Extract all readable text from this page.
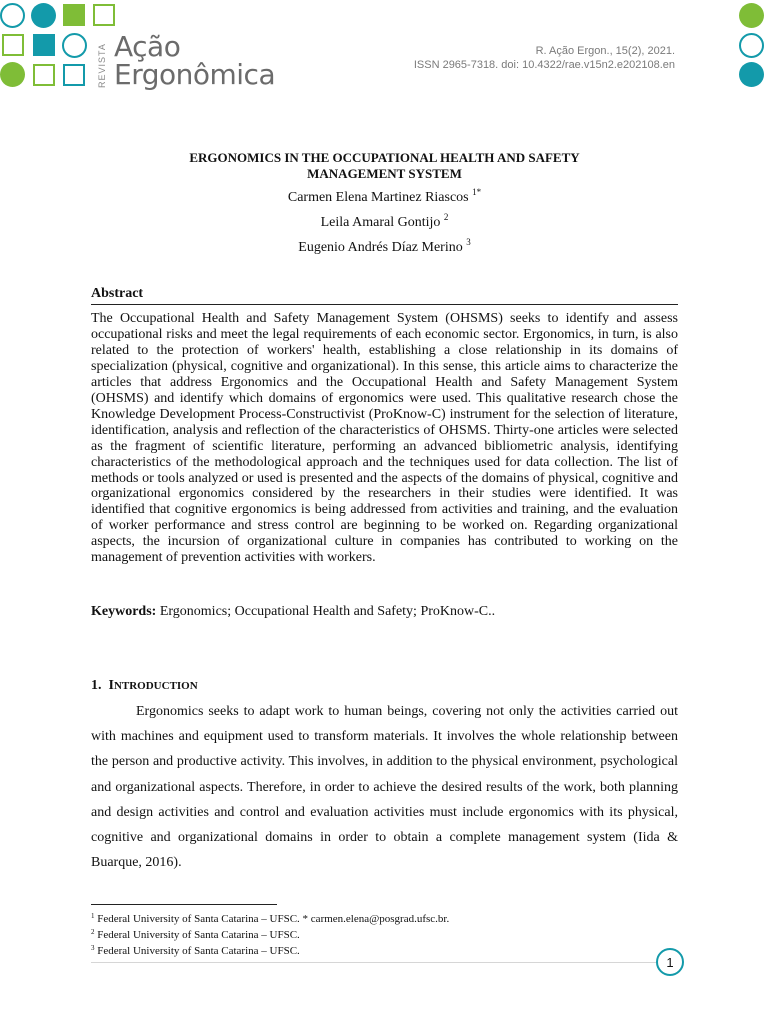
REVISTA Ação
Ergonômica
R. Ação Ergon., 15(2), 2021.
ISSN 2965-7318. doi: 10.4322/rae.v15n2.e202108.en
ERGONOMICS IN THE OCCUPATIONAL HEALTH AND SAFETY
MANAGEMENT SYSTEM
Carmen Elena Martinez Riascos $^{1*}$
Leila Amaral Gontijo $^2$
Eugenio Andrés Díaz Merino $^3$
Abstract
The Occupational Health and Safety Management System (OHSMS) seeks to identify and assess occupational risks and meet the legal requirements of each economic sector. Ergonomics, in turn, is also related to the protection of workers' health, establishing a close relationship in its domains of specialization (physical, cognitive and organizational). In this sense, this article aims to characterize the articles that address Ergonomics and the Occupational Health and Safety Management System (OHSMS) and identify which domains of ergonomics were used. This qualitative research chose the Knowledge Development Process-Constructivist (ProKnow-C) instrument for the selection of literature, identification, analysis and reflection of the characteristics of OHSMS. Thirty-one articles were selected as the fragment of scientific literature, performing an advanced bibliometric analysis, identifying characteristics of the methodological approach and the techniques used for data collection. The list of methods or tools analyzed or used is presented and the aspects of the domains of physical, cognitive and organizational ergonomics considered by the researchers in their studies were identified. It was identified that cognitive ergonomics is being addressed from activities and training, and the evaluation of worker performance and stress control are beginning to be worked on. Regarding organizational aspects, the incursion of organizational culture in companies has contributed to working on the management of prevention activities with workers.
Keywords: Ergonomics; Occupational Health and Safety; ProKnow-C..
1. INTRODUCTION
Ergonomics seeks to adapt work to human beings, covering not only the activities carried out with machines and equipment used to transform materials. It involves the whole relationship between the person and productive activity. This involves, in addition to the physical environment, psychological and organizational aspects. Therefore, in order to achieve the desired results of the work, both planning and design activities and control and evaluation activities must include ergonomics with its physical, cognitive and organizational domains in order to obtain a complete management system (Iida & Buarque, 2016).
$^1$ Federal University of Santa Catarina – UFSC. * carmen.elena@posgrad.ufsc.br.
$^2$ Federal University of Santa Catarina – UFSC.
$^3$ Federal University of Santa Catarina – UFSC.
1
